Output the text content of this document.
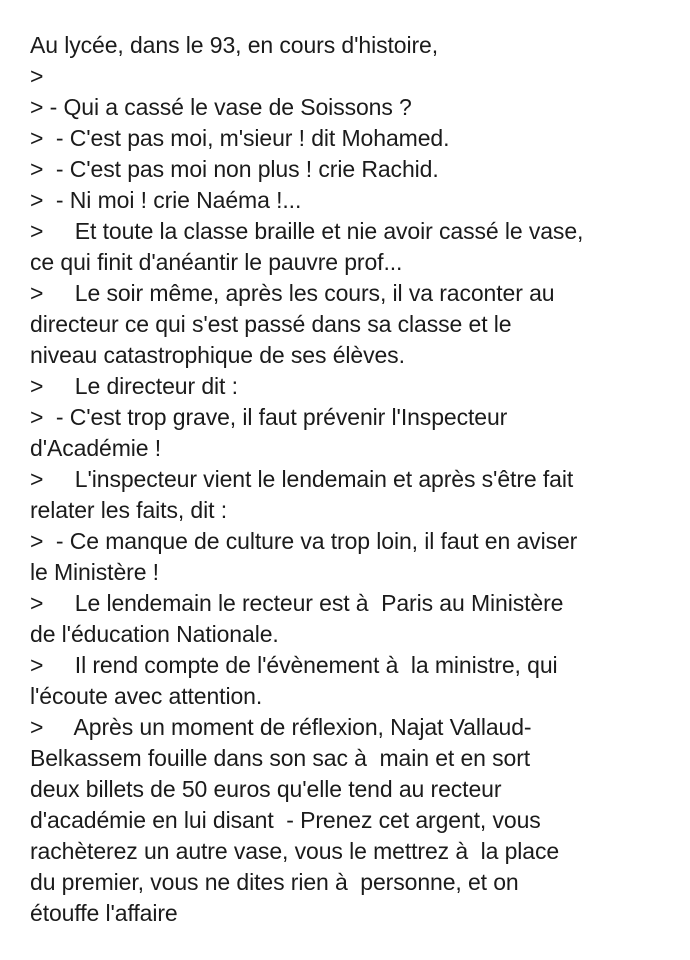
Au lycée, dans le 93, en cours d'histoire,
>
> - Qui a cassé le vase de Soissons ?
>  - C'est pas moi, m'sieur ! dit Mohamed.
>  - C'est pas moi non plus ! crie Rachid.
>  - Ni moi ! crie Naéma !...
>     Et toute la classe braille et nie avoir cassé le vase,
ce qui finit d'anéantir le pauvre prof...
>     Le soir même, après les cours, il va raconter au
directeur ce qui s'est passé dans sa classe et le
niveau catastrophique de ses élèves.
>     Le directeur dit :
>  - C'est trop grave, il faut prévenir l'Inspecteur
d'Académie !
>     L'inspecteur vient le lendemain et après s'être fait
relater les faits, dit :
>  - Ce manque de culture va trop loin, il faut en aviser
le Ministère !
>     Le lendemain le recteur est à  Paris au Ministère
de l'éducation Nationale.
>     Il rend compte de l'évènement à  la ministre, qui
l'écoute avec attention.
>     Après un moment de réflexion, Najat Vallaud-
Belkassem fouille dans son sac à  main et en sort
deux billets de 50 euros qu'elle tend au recteur
d'académie en lui disant  - Prenez cet argent, vous
rachèterez un autre vase, vous le mettrez à  la place
du premier, vous ne dites rien à  personne, et on
étouffe l'affaire
